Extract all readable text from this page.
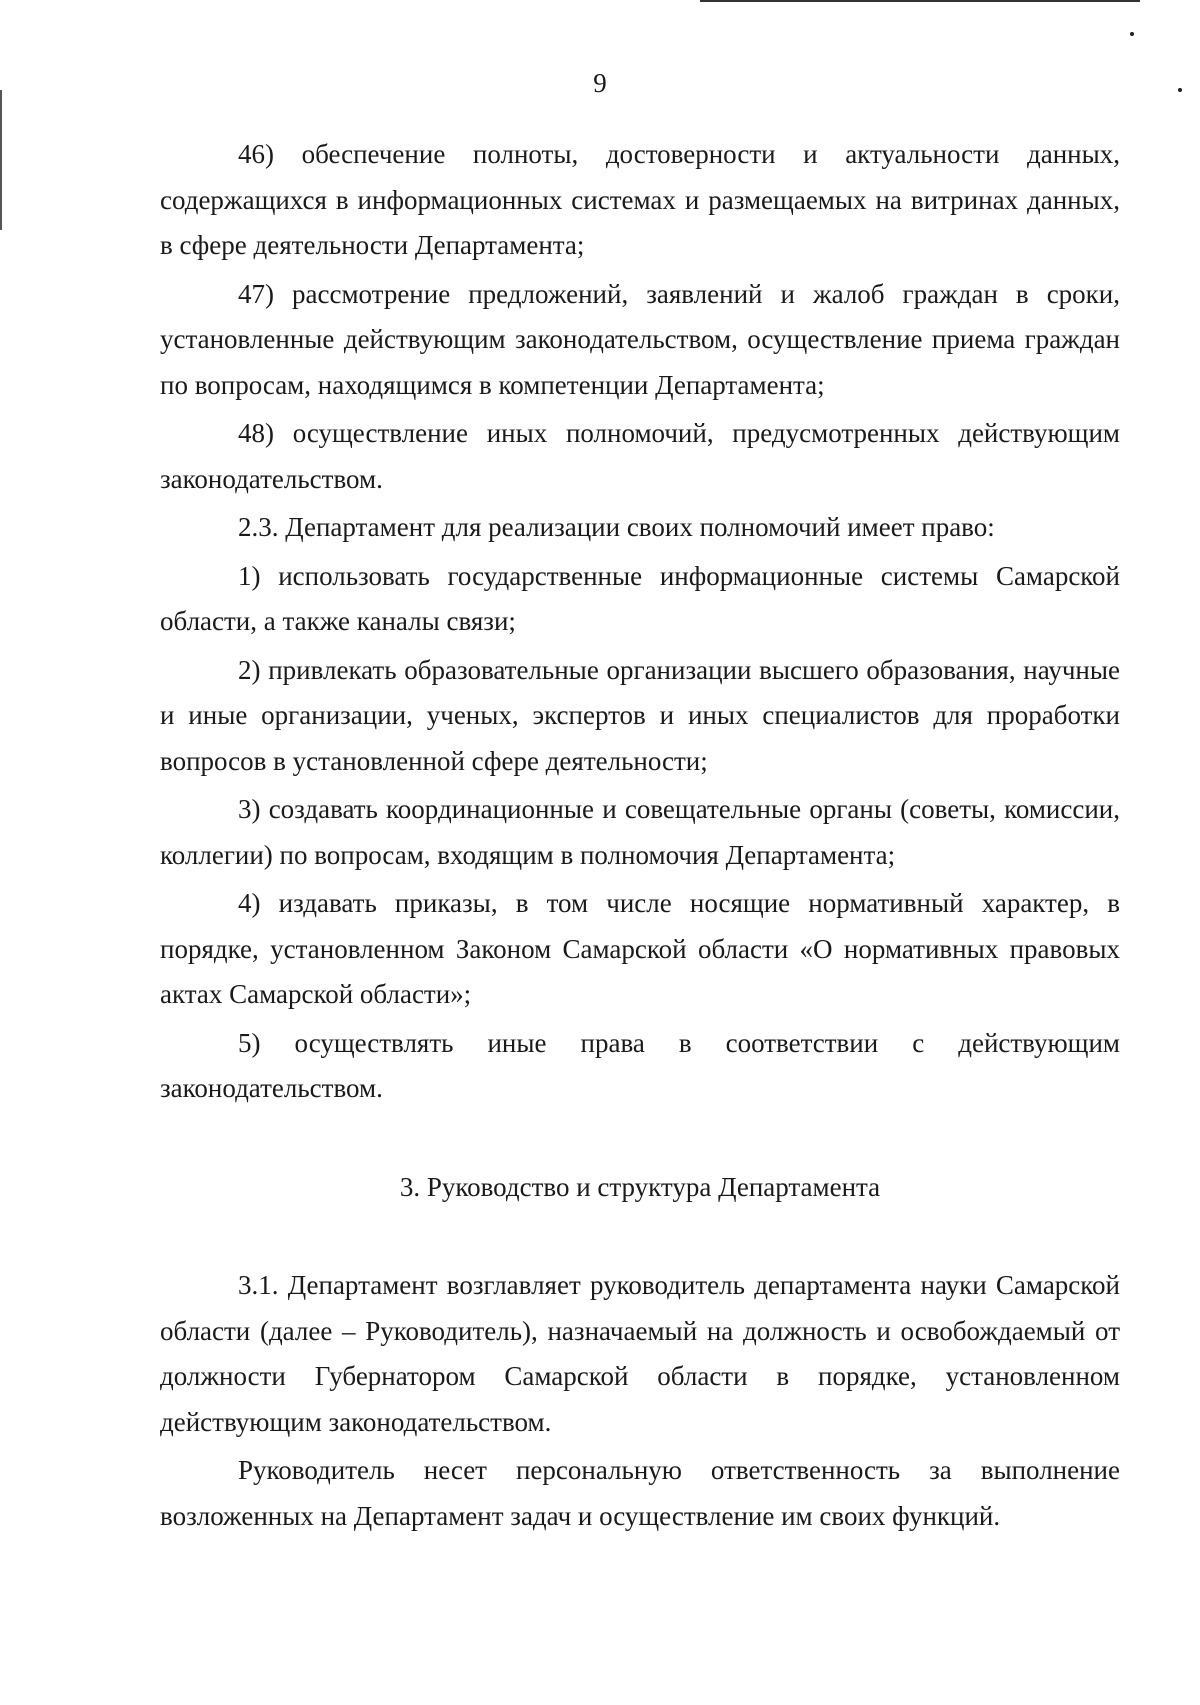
9

46) обеспечение полноты, достоверности и актуальности данных, содержащихся в информационных системах и размещаемых на витринах данных, в сфере деятельности Департамента;

47) рассмотрение предложений, заявлений и жалоб граждан в сроки, установленные действующим законодательством, осуществление приема граждан по вопросам, находящимся в компетенции Департамента;

48) осуществление иных полномочий, предусмотренных действующим законодательством.

2.3. Департамент для реализации своих полномочий имеет право:

1) использовать государственные информационные системы Самарской области, а также каналы связи;

2) привлекать образовательные организации высшего образования, научные и иные организации, ученых, экспертов и иных специалистов для проработки вопросов в установленной сфере деятельности;

3) создавать координационные и совещательные органы (советы, комиссии, коллегии) по вопросам, входящим в полномочия Департамента;

4) издавать приказы, в том числе носящие нормативный характер, в порядке, установленном Законом Самарской области «О нормативных правовых актах Самарской области»;

5) осуществлять иные права в соответствии с действующим законодательством.

3. Руководство и структура Департамента

3.1. Департамент возглавляет руководитель департамента науки Самарской области (далее – Руководитель), назначаемый на должность и освобождаемый от должности Губернатором Самарской области в порядке, установленном действующим законодательством.

Руководитель несет персональную ответственность за выполнение возложенных на Департамент задач и осуществление им своих функций.
